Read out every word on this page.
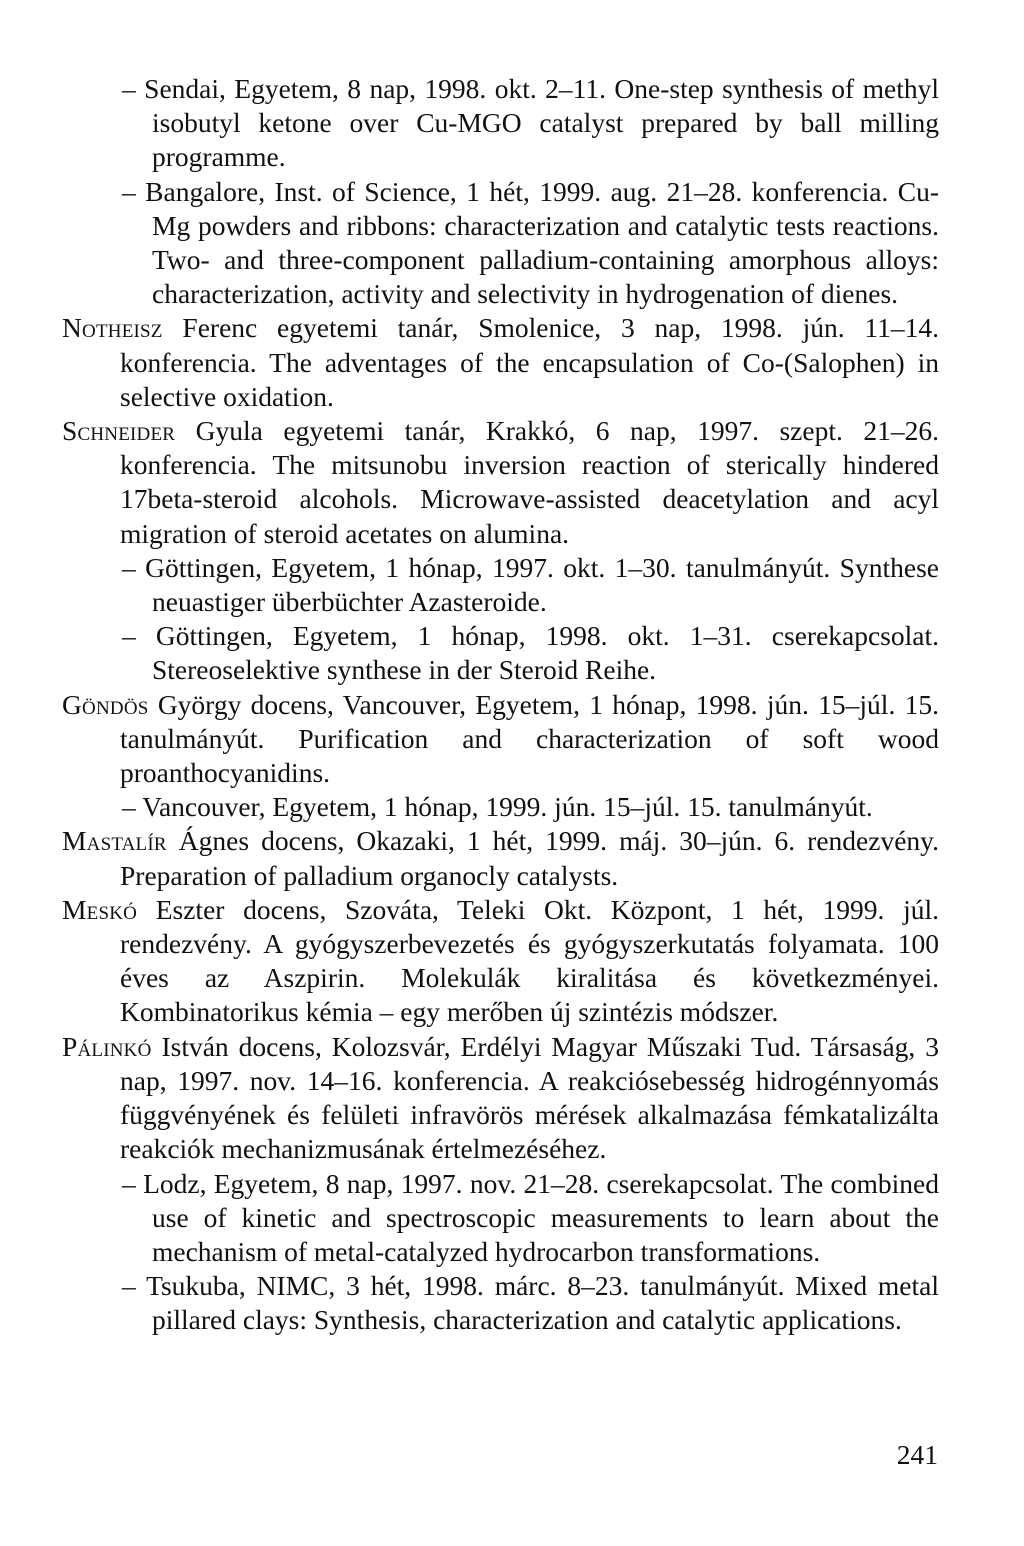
– Sendai, Egyetem, 8 nap, 1998. okt. 2–11. One-step synthesis of methyl isobutyl ketone over Cu-MGO catalyst prepared by ball milling programme.

– Bangalore, Inst. of Science, 1 hét, 1999. aug. 21–28. konferencia. Cu-Mg powders and ribbons: characterization and catalytic tests reactions. Two- and three-component palladium-containing amorphous alloys: characterization, activity and selectivity in hydrogenation of dienes.

Notheisz Ferenc egyetemi tanár, Smolenice, 3 nap, 1998. jún. 11–14. konferencia. The adventages of the encapsulation of Co-(Salophen) in selective oxidation.

Schneider Gyula egyetemi tanár, Krakkó, 6 nap, 1997. szept. 21–26. konferencia. The mitsunobu inversion reaction of sterically hindered 17beta-steroid alcohols. Microwave-assisted deacetylation and acyl migration of steroid acetates on alumina.

– Göttingen, Egyetem, 1 hónap, 1997. okt. 1–30. tanulmányút. Synthese neuastiger überbüchter Azasteroide.

– Göttingen, Egyetem, 1 hónap, 1998. okt. 1–31. cserekapcsolat. Stereoselektive synthese in der Steroid Reihe.

Göndös György docens, Vancouver, Egyetem, 1 hónap, 1998. jún. 15–júl. 15. tanulmányút. Purification and characterization of soft wood proanthocyanidins.

– Vancouver, Egyetem, 1 hónap, 1999. jún. 15–júl. 15. tanulmányút.

Mastalír Ágnes docens, Okazaki, 1 hét, 1999. máj. 30–jún. 6. rendezvény. Preparation of palladium organocly catalysts.

Meskó Eszter docens, Szováta, Teleki Okt. Központ, 1 hét, 1999. júl. rendezvény. A gyógyszerbevezetés és gyógyszerkutatás folyamata. 100 éves az Aszpirin. Molekulák kiralitása és következményei. Kombinatorikus kémia – egy merőben új szintézis módszer.

Pálinkó István docens, Kolozsvár, Erdélyi Magyar Műszaki Tud. Társaság, 3 nap, 1997. nov. 14–16. konferencia. A reakciósebesség hidrogénnyomás függvényének és felületi infravörös mérések alkalmazása fémkatalizálta reakciók mechanizmusának értelmezéséhez.

– Lodz, Egyetem, 8 nap, 1997. nov. 21–28. cserekapcsolat. The combined use of kinetic and spectroscopic measurements to learn about the mechanism of metal-catalyzed hydrocarbon transformations.

– Tsukuba, NIMC, 3 hét, 1998. márc. 8–23. tanulmányút. Mixed metal pillared clays: Synthesis, characterization and catalytic applications.

241
